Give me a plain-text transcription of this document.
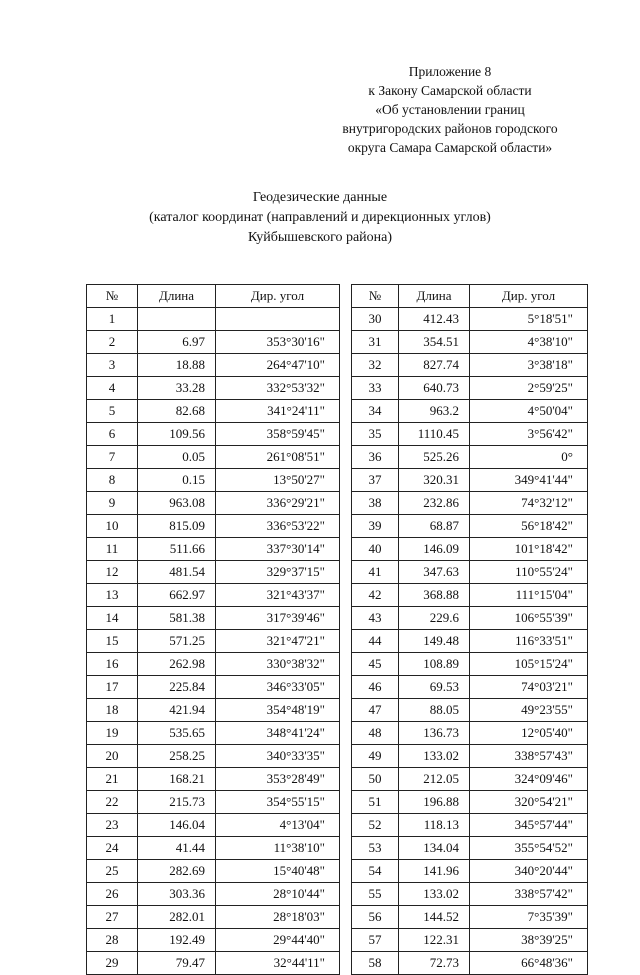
Приложение 8
к Закону Самарской области
«Об установлении границ
внутригородских районов городского
округа Самара Самарской области»
Геодезические данные
(каталог координат (направлений и дирекционных углов)
Куйбышевского района)
№	Длина	Дир. угол
1		
2	6.97	353°30'16"
3	18.88	264°47'10"
4	33.28	332°53'32"
5	82.68	341°24'11"
6	109.56	358°59'45"
7	0.05	261°08'51"
8	0.15	13°50'27"
9	963.08	336°29'21"
10	815.09	336°53'22"
11	511.66	337°30'14"
12	481.54	329°37'15"
13	662.97	321°43'37"
14	581.38	317°39'46"
15	571.25	321°47'21"
16	262.98	330°38'32"
17	225.84	346°33'05"
18	421.94	354°48'19"
19	535.65	348°41'24"
20	258.25	340°33'35"
21	168.21	353°28'49"
22	215.73	354°55'15"
23	146.04	4°13'04"
24	41.44	11°38'10"
25	282.69	15°40'48"
26	303.36	28°10'44"
27	282.01	28°18'03"
28	192.49	29°44'40"
29	79.47	32°44'11"
№	Длина	Дир. угол
30	412.43	5°18'51"
31	354.51	4°38'10"
32	827.74	3°38'18"
33	640.73	2°59'25"
34	963.2	4°50'04"
35	1110.45	3°56'42"
36	525.26	0°
37	320.31	349°41'44"
38	232.86	74°32'12"
39	68.87	56°18'42"
40	146.09	101°18'42"
41	347.63	110°55'24"
42	368.88	111°15'04"
43	229.6	106°55'39"
44	149.48	116°33'51"
45	108.89	105°15'24"
46	69.53	74°03'21"
47	88.05	49°23'55"
48	136.73	12°05'40"
49	133.02	338°57'43"
50	212.05	324°09'46"
51	196.88	320°54'21"
52	118.13	345°57'44"
53	134.04	355°54'52"
54	141.96	340°20'44"
55	133.02	338°57'42"
56	144.52	7°35'39"
57	122.31	38°39'25"
58	72.73	66°48'36"
